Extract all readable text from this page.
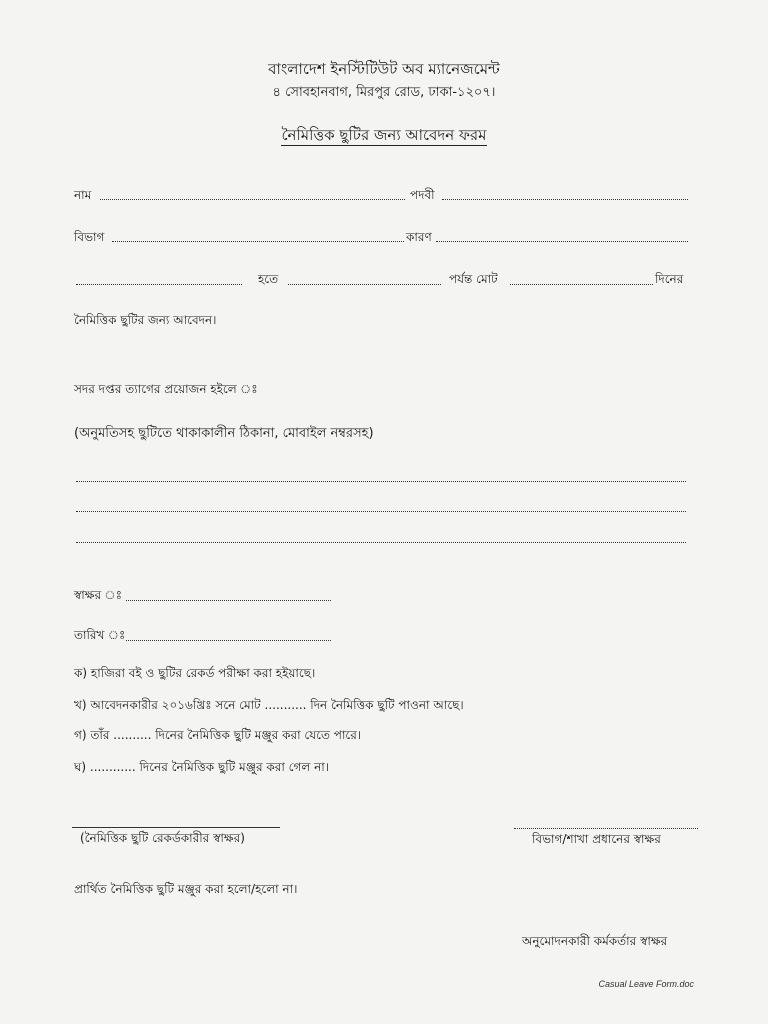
বাংলাদেশ ইনস্টিটিউট অব ম্যানেজমেন্ট
৪ সোবহানবাগ, মিরপুর রোড, ঢাকা-১২০৭।
নৈমিত্তিক ছুটির জন্য আবেদন ফরম
নাম	পদবী
বিভাগ	কারণ
হতে	পর্যন্ত মোট	দিনের
নৈমিত্তিক ছুটির জন্য আবেদন।
সদর দপ্তর ত্যাগের প্রয়োজন হইলে ঃ
(অনুমতিসহ ছুটিতে থাকাকালীন ঠিকানা, মোবাইল নম্বরসহ)
স্বাক্ষর ঃ
তারিখ ঃ
ক) হাজিরা বই ও ছুটির রেকর্ড পরীক্ষা করা হইয়াছে।
খ) আবেদনকারীর ২০১৬খ্রিঃ সনে মোট ........... দিন নৈমিত্তিক ছুটি পাওনা আছে।
গ) তাঁর .......... দিনের নৈমিত্তিক ছুটি মঞ্জুর করা যেতে পারে।
ঘ) ............ দিনের নৈমিত্তিক ছুটি মঞ্জুর করা গেল না।
(নৈমিত্তিক ছুটি রেকর্ডকারীর স্বাক্ষর)	বিভাগ/শাখা প্রধানের স্বাক্ষর
প্রার্থিত নৈমিত্তিক ছুটি মঞ্জুর করা হলো/হলো না।
অনুমোদনকারী কর্মকর্তার স্বাক্ষর
Casual Leave Form.doc
